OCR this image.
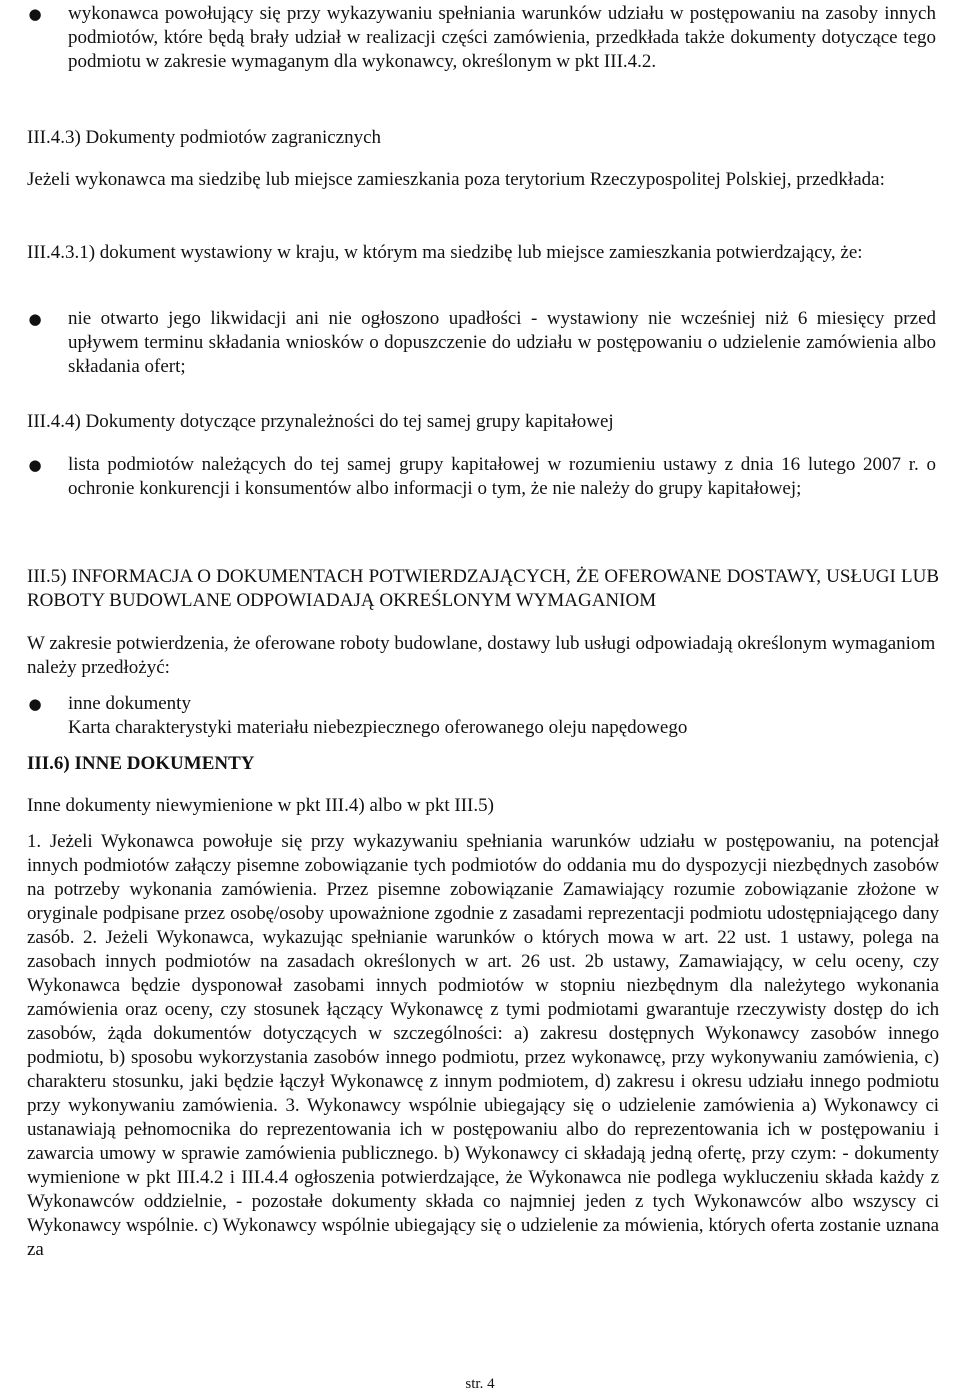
● wykonawca powołujący się przy wykazywaniu spełniania warunków udziału w postępowaniu na zasoby innych podmiotów, które będą brały udział w realizacji części zamówienia, przedkłada także dokumenty dotyczące tego podmiotu w zakresie wymaganym dla wykonawcy, określonym w pkt III.4.2.

III.4.3) Dokumenty podmiotów zagranicznych

Jeżeli wykonawca ma siedzibę lub miejsce zamieszkania poza terytorium Rzeczypospolitej Polskiej, przedkłada:

III.4.3.1) dokument wystawiony w kraju, w którym ma siedzibę lub miejsce zamieszkania potwierdzający, że:

● nie otwarto jego likwidacji ani nie ogłoszono upadłości - wystawiony nie wcześniej niż 6 miesięcy przed upływem terminu składania wniosków o dopuszczenie do udziału w postępowaniu o udzielenie zamówienia albo składania ofert;

III.4.4) Dokumenty dotyczące przynależności do tej samej grupy kapitałowej

● lista podmiotów należących do tej samej grupy kapitałowej w rozumieniu ustawy z dnia 16 lutego 2007 r. o ochronie konkurencji i konsumentów albo informacji o tym, że nie należy do grupy kapitałowej;

III.5) INFORMACJA O DOKUMENTACH POTWIERDZAJĄCYCH, ŻE OFEROWANE DOSTAWY, USŁUGI LUB ROBOTY BUDOWLANE ODPOWIADAJĄ OKREŚLONYM WYMAGANIOM

W zakresie potwierdzenia, że oferowane roboty budowlane, dostawy lub usługi odpowiadają określonym wymaganiom należy przedłożyć:

● inne dokumenty
Karta charakterystyki materiału niebezpiecznego oferowanego oleju napędowego

III.6) INNE DOKUMENTY

Inne dokumenty niewymienione w pkt III.4) albo w pkt III.5)

1. Jeżeli Wykonawca powołuje się przy wykazywaniu spełniania warunków udziału w postępowaniu, na potencjał innych podmiotów załączy pisemne zobowiązanie tych podmiotów do oddania mu do dyspozycji niezbędnych zasobów na potrzeby wykonania zamówienia. Przez pisemne zobowiązanie Zamawiający rozumie zobowiązanie złożone w oryginale podpisane przez osobę/osoby upoważnione zgodnie z zasadami reprezentacji podmiotu udostępniającego dany zasób. 2. Jeżeli Wykonawca, wykazując spełnianie warunków o których mowa w art. 22 ust. 1 ustawy, polega na zasobach innych podmiotów na zasadach określonych w art. 26 ust. 2b ustawy, Zamawiający, w celu oceny, czy Wykonawca będzie dysponował zasobami innych podmiotów w stopniu niezbędnym dla należytego wykonania zamówienia oraz oceny, czy stosunek łączący Wykonawcę z tymi podmiotami gwarantuje rzeczywisty dostęp do ich zasobów, żąda dokumentów dotyczących w szczególności: a) zakresu dostępnych Wykonawcy zasobów innego podmiotu, b) sposobu wykorzystania zasobów innego podmiotu, przez wykonawcę, przy wykonywaniu zamówienia, c) charakteru stosunku, jaki będzie łączył Wykonawcę z innym podmiotem, d) zakresu i okresu udziału innego podmiotu przy wykonywaniu zamówienia. 3. Wykonawcy wspólnie ubiegający się o udzielenie zamówienia a) Wykonawcy ci ustanawiają pełnomocnika do reprezentowania ich w postępowaniu albo do reprezentowania ich w postępowaniu i zawarcia umowy w sprawie zamówienia publicznego. b) Wykonawcy ci składają jedną ofertę, przy czym: - dokumenty wymienione w pkt III.4.2 i III.4.4 ogłoszenia potwierdzające, że Wykonawca nie podlega wykluczeniu składa każdy z Wykonawców oddzielnie, - pozostałe dokumenty składa co najmniej jeden z tych Wykonawców albo wszyscy ci Wykonawcy wspólnie. c) Wykonawcy wspólnie ubiegający się o udzielenie za mówienia, których oferta zostanie uznana za

str. 4
